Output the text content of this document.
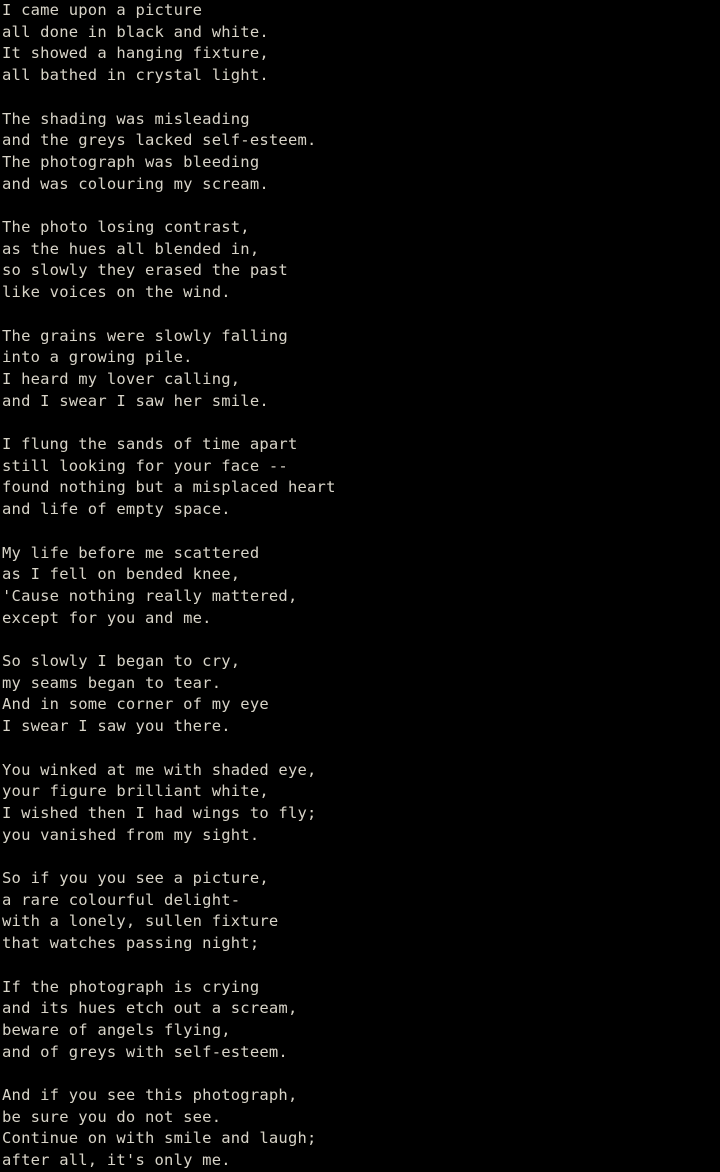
I came upon a picture
all done in black and white.
It showed a hanging fixture,
all bathed in crystal light.
The shading was misleading
and the greys lacked self-esteem.
The photograph was bleeding
and was colouring my scream.
The photo losing contrast,
as the hues all blended in,
so slowly they erased the past
like voices on the wind.
The grains were slowly falling
into a growing pile.
I heard my lover calling,
and I swear I saw her smile.
I flung the sands of time apart
still looking for your face --
found nothing but a misplaced heart
and life of empty space.
My life before me scattered
as I fell on bended knee,
'Cause nothing really mattered,
except for you and me.
So slowly I began to cry,
my seams began to tear.
And in some corner of my eye
I swear I saw you there.
You winked at me with shaded eye,
your figure brilliant white,
I wished then I had wings to fly;
you vanished from my sight.
So if you you see a picture,
a rare colourful delight-
with a lonely, sullen fixture
that watches passing night;
If the photograph is crying
and its hues etch out a scream,
beware of angels flying,
and of greys with self-esteem.
And if you see this photograph,
be sure you do not see.
Continue on with smile and laugh;
after all, it's only me.
